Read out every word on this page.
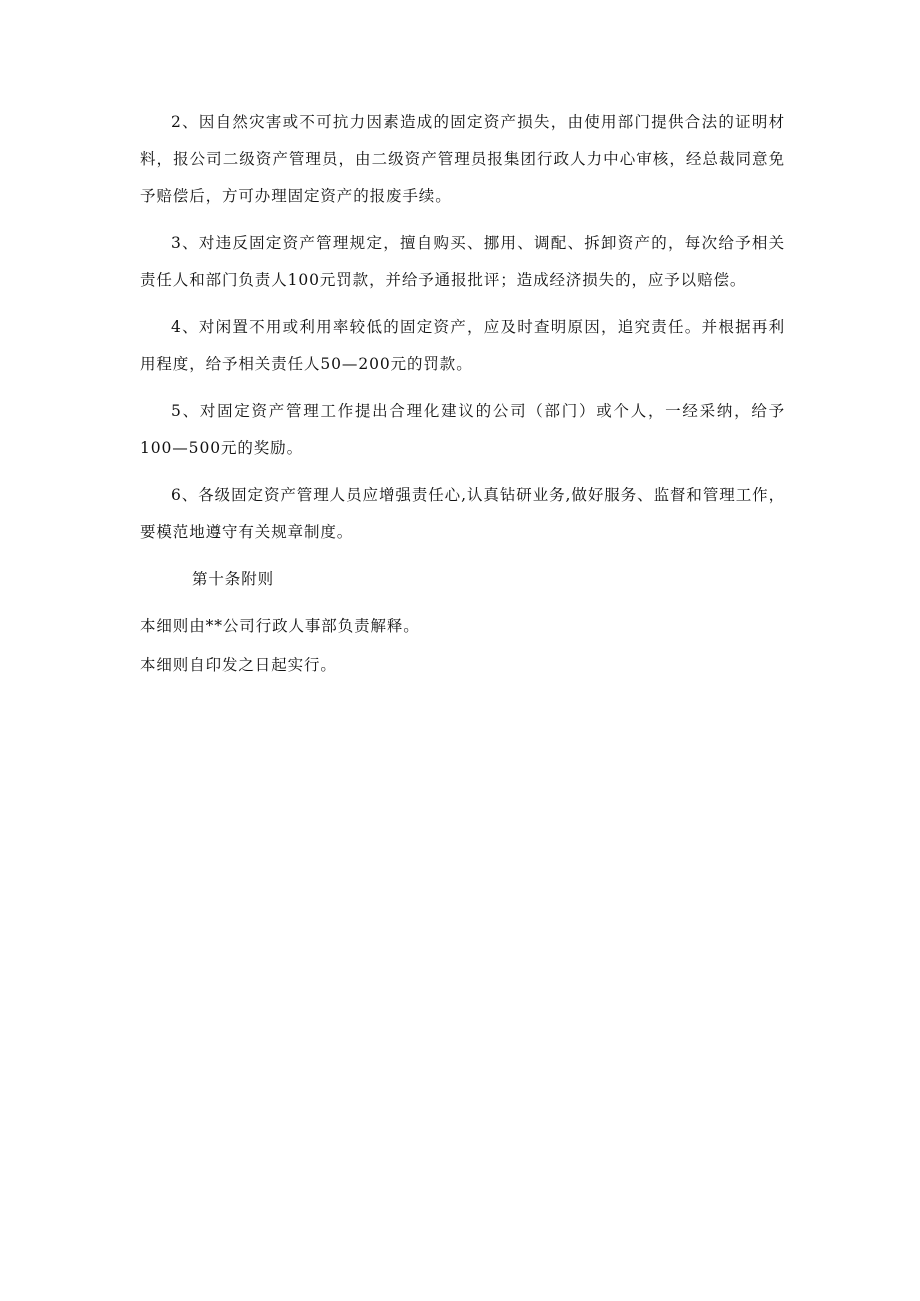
2、因自然灾害或不可抗力因素造成的固定资产损失，由使用部门提供合法的证明材料，报公司二级资产管理员，由二级资产管理员报集团行政人力中心审核，经总裁同意免予赔偿后，方可办理固定资产的报废手续。

3、对违反固定资产管理规定，擅自购买、挪用、调配、拆卸资产的，每次给予相关责任人和部门负责人100元罚款，并给予通报批评；造成经济损失的，应予以赔偿。

4、对闲置不用或利用率较低的固定资产，应及时查明原因，追究责任。并根据再利用程度，给予相关责任人50—200元的罚款。

5、对固定资产管理工作提出合理化建议的公司（部门）或个人，一经采纳，给予100—500元的奖励。

6、各级固定资产管理人员应增强责任心,认真钻研业务,做好服务、监督和管理工作，要模范地遵守有关规章制度。

第十条附则

本细则由**公司行政人事部负责解释。

本细则自印发之日起实行。
